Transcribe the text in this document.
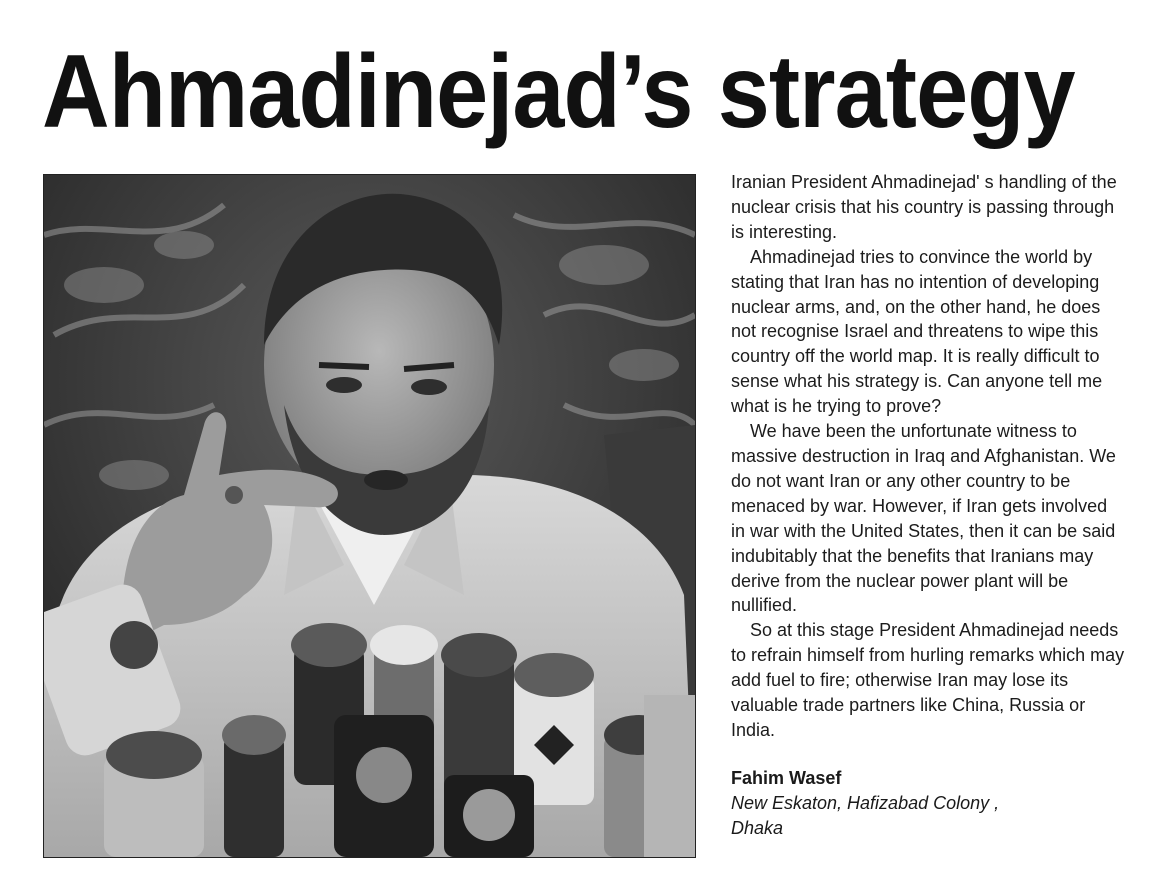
Ahmadinejad’s strategy

Iranian President Ahmadinejad' s handling of the nuclear crisis that his country is passing through is interesting.

Ahmadinejad tries to convince the world by stating that Iran has no intention of developing nuclear arms, and, on the other hand, he does not recognise Israel and threatens to wipe this country off the world map. It is really difficult to sense what his strategy is. Can anyone tell me what is he trying to prove?

We have been the unfortunate witness to massive destruction in Iraq and Afghanistan. We do not want Iran or any other country to be menaced by war. However, if Iran gets involved in war with the United States, then it can be said indubitably that the benefits that Iranians may derive from the nuclear power plant will be nullified.

So at this stage President Ahmadinejad needs to refrain himself from hurling remarks which may add fuel to fire; otherwise Iran may lose its valuable trade partners like China, Russia or India.

Fahim Wasef
New Eskaton, Hafizabad Colony ,
Dhaka
